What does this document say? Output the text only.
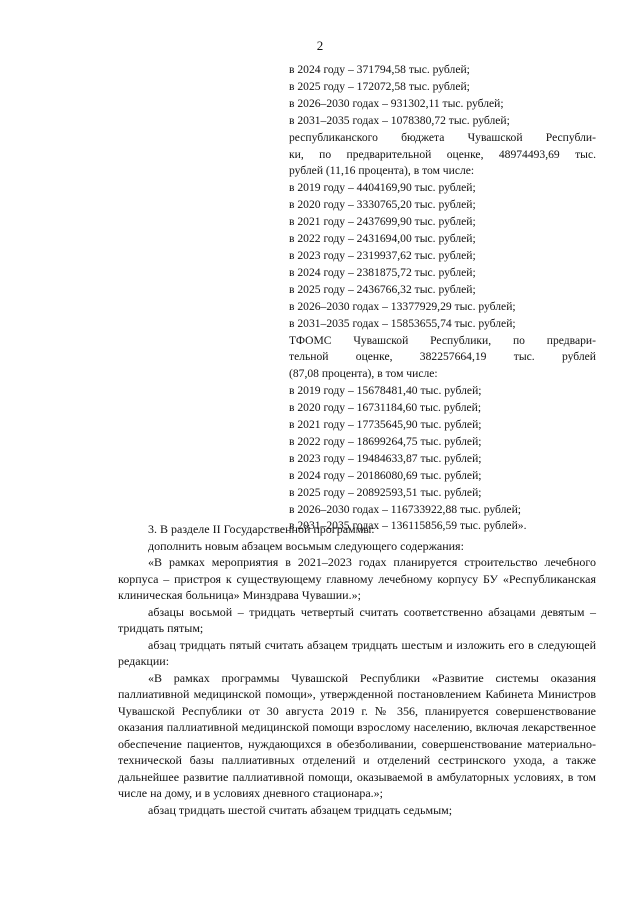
2
в 2024 году – 371794,58 тыс. рублей;
в 2025 году – 172072,58 тыс. рублей;
в 2026–2030 годах – 931302,11 тыс. рублей;
в 2031–2035 годах – 1078380,72 тыс. рублей;
республиканского бюджета Чувашской Республи-
ки, по предварительной оценке, 48974493,69 тыс.
рублей (11,16 процента), в том числе:
в 2019 году – 4404169,90 тыс. рублей;
в 2020 году – 3330765,20 тыс. рублей;
в 2021 году – 2437699,90 тыс. рублей;
в 2022 году – 2431694,00 тыс. рублей;
в 2023 году – 2319937,62 тыс. рублей;
в 2024 году – 2381875,72 тыс. рублей;
в 2025 году – 2436766,32 тыс. рублей;
в 2026–2030 годах – 13377929,29 тыс. рублей;
в 2031–2035 годах – 15853655,74 тыс. рублей;
ТФОМС Чувашской Республики, по предвари-
тельной оценке, 382257664,19 тыс. рублей
(87,08 процента), в том числе:
в 2019 году – 15678481,40 тыс. рублей;
в 2020 году – 16731184,60 тыс. рублей;
в 2021 году – 17735645,90 тыс. рублей;
в 2022 году – 18699264,75 тыс. рублей;
в 2023 году – 19484633,87 тыс. рублей;
в 2024 году – 20186080,69 тыс. рублей;
в 2025 году – 20892593,51 тыс. рублей;
в 2026–2030 годах – 116733922,88 тыс. рублей;
в 2031–2035 годах – 136115856,59 тыс. рублей».
3. В разделе II Государственной программы:
дополнить новым абзацем восьмым следующего содержания:
«В рамках мероприятия в 2021–2023 годах планируется строительство лечебного корпуса – пристроя к существующему главному лечебному корпусу БУ «Республиканская клиническая больница» Минздрава Чувашии.»;
абзацы восьмой – тридцать четвертый считать соответственно абзацами девятым – тридцать пятым;
абзац тридцать пятый считать абзацем тридцать шестым и изложить его в следующей редакции:
«В рамках программы Чувашской Республики «Развитие системы оказания паллиативной медицинской помощи», утвержденной постановлением Кабинета Министров Чувашской Республики от 30 августа 2019 г. № 356, планируется совершенствование оказания паллиативной медицинской помощи взрослому населению, включая лекарственное обеспечение пациентов, нуждающихся в обезболивании, совершенствование материально-технической базы паллиативных отделений и отделений сестринского ухода, а также дальнейшее развитие паллиативной помощи, оказываемой в амбулаторных условиях, в том числе на дому, и в условиях дневного стационара.»;
абзац тридцать шестой считать абзацем тридцать седьмым;
